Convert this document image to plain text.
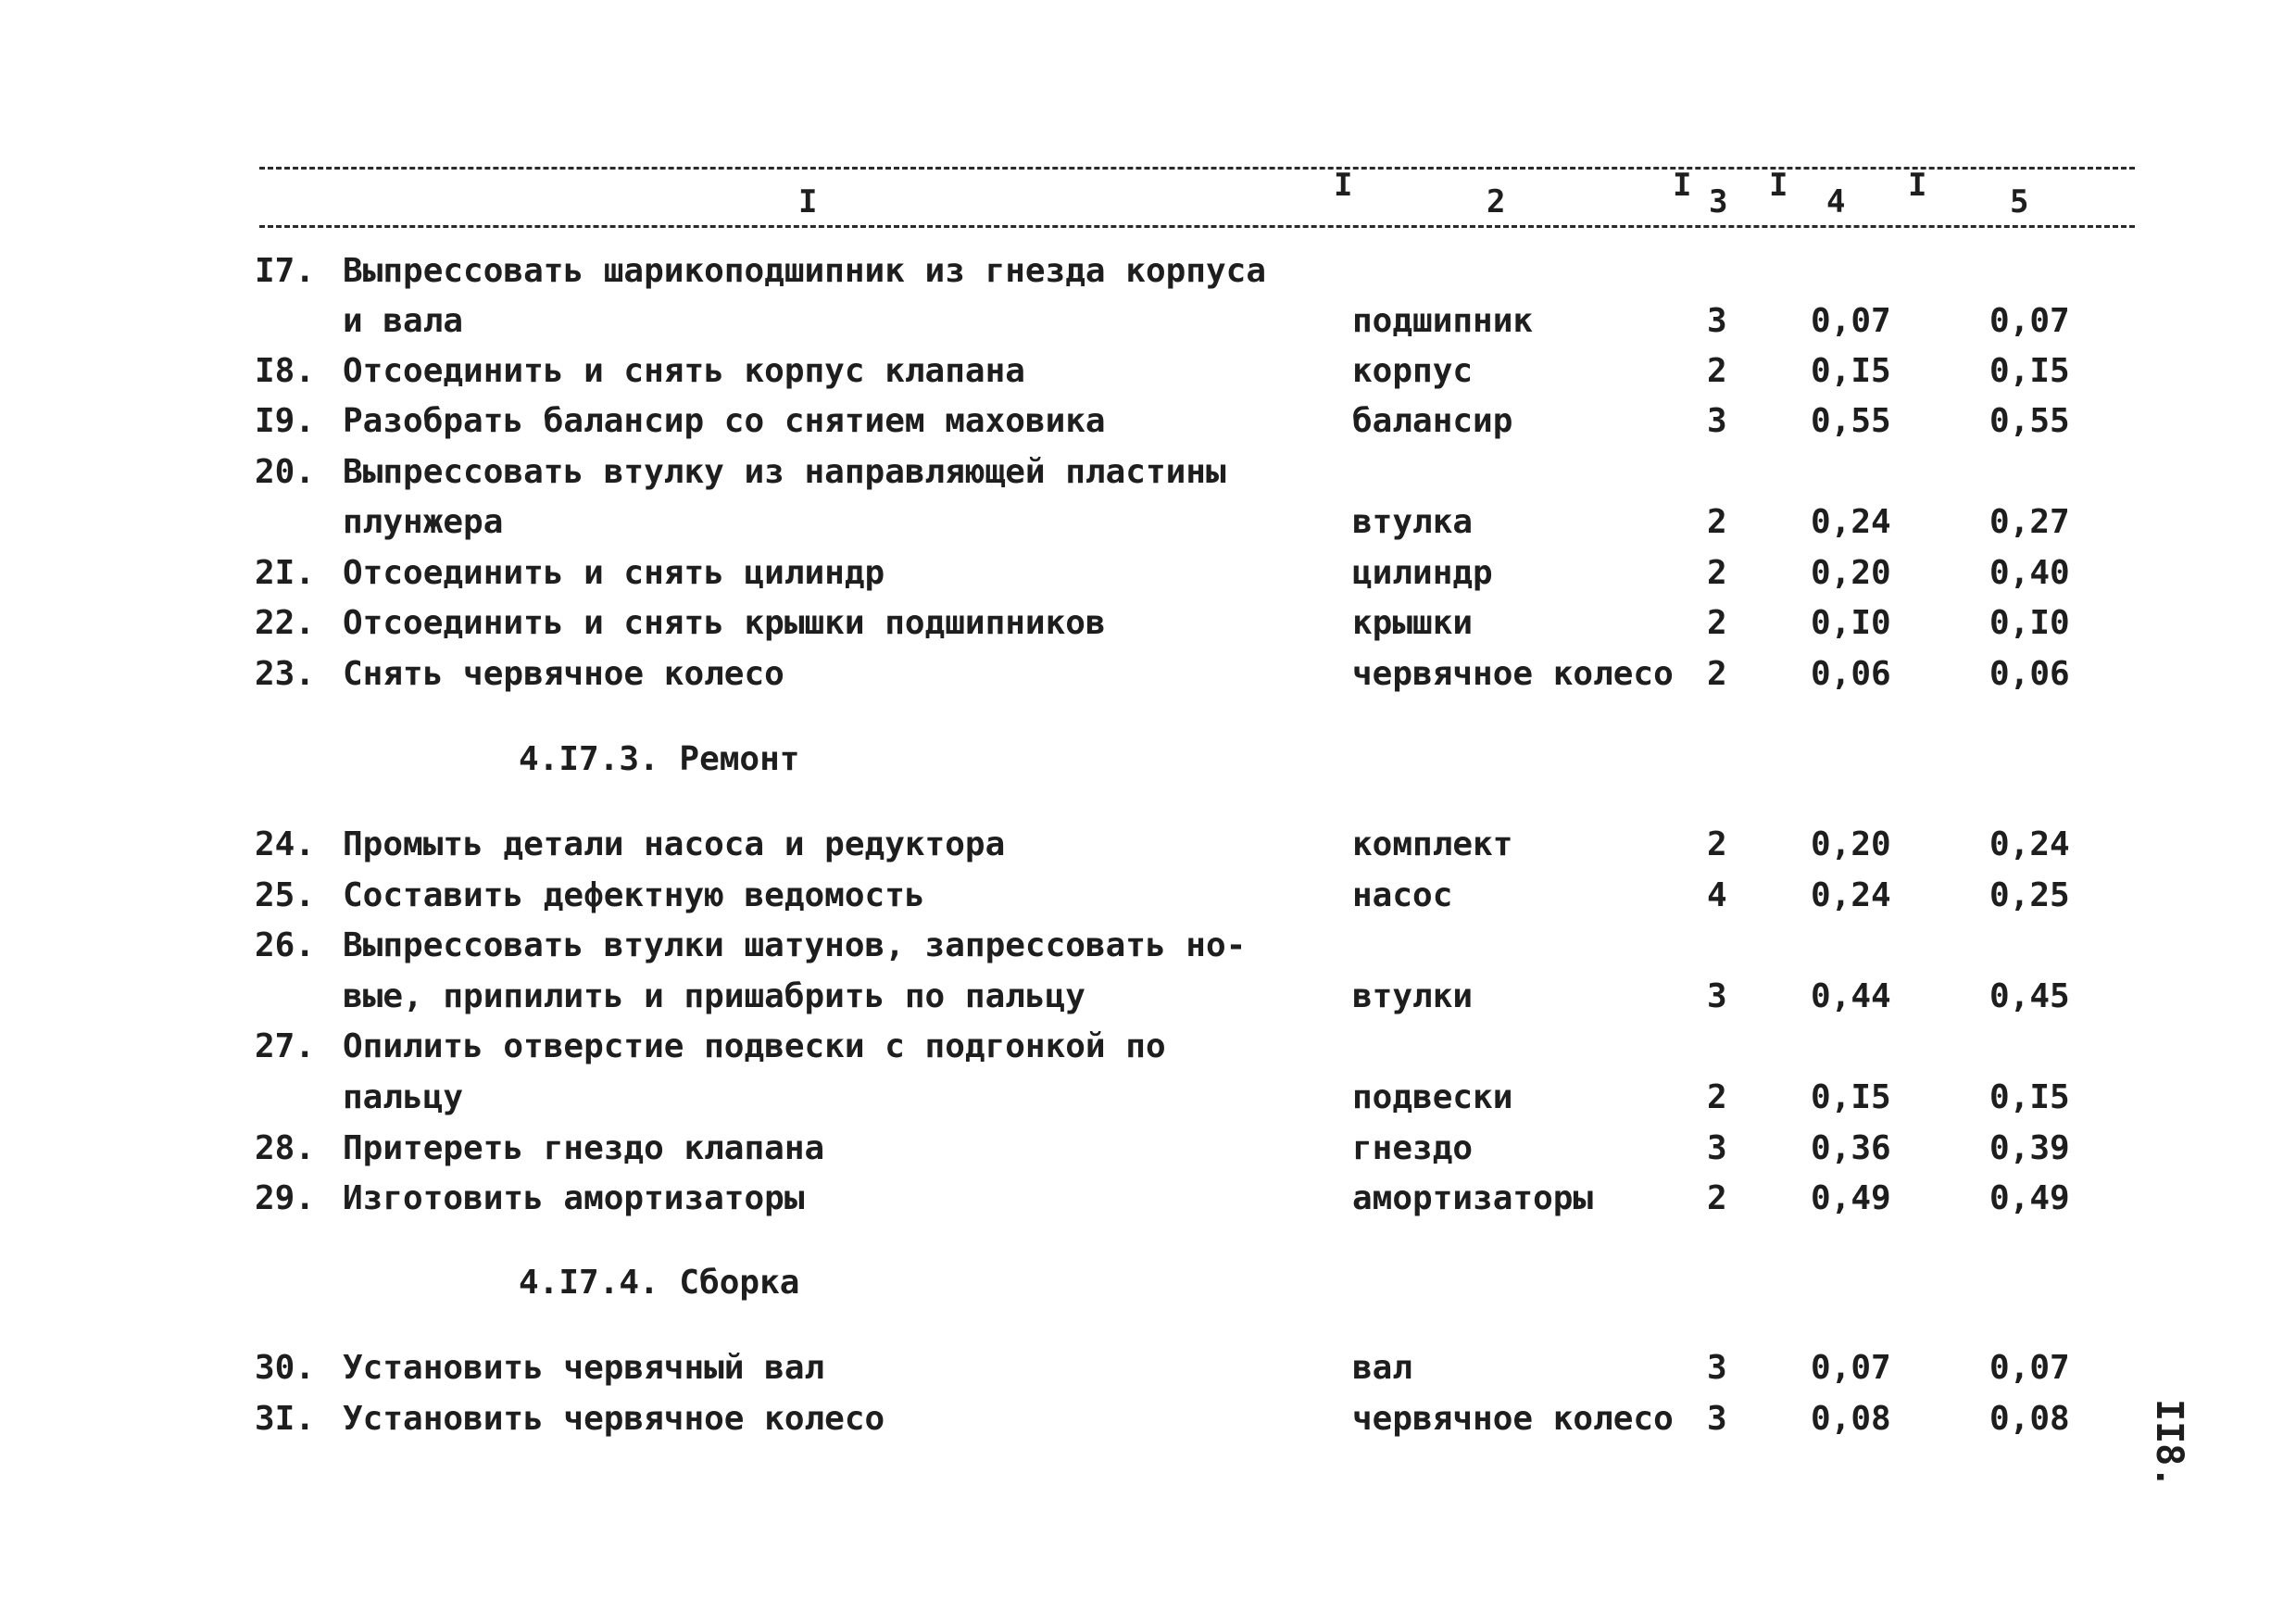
I	I	2	I 3 I 4 I	5
I7. Выпрессовать шарикоподшипник из гнезда корпуса
и вала	подшипник	3	0,07	0,07
I8. Отсоединить и снять корпус клапана	корпус	2	0,I5	0,I5
I9. Разобрать балансир со снятием маховика	балансир	3	0,55	0,55
20. Выпрессовать втулку из направляющей пластины
плунжера	втулка	2	0,24	0,27
2I. Отсоединить и снять цилиндр	цилиндр	2	0,20	0,40
22. Отсоединить и снять крышки подшипников	крышки	2	0,I0	0,I0
23. Снять червячное колесо	червячное колесо 2	0,06	0,06
4.I7.3. Ремонт
24. Промыть детали насоса и редуктора	комплект	2	0,20	0,24
25. Составить дефектную ведомость	насос	4	0,24	0,25
26. Выпрессовать втулки шатунов, запрессовать но-
вые, припилить и пришабрить по пальцу	втулки	3	0,44	0,45
27. Опилить отверстие подвески с подгонкой по
пальцу	подвески	2	0,I5	0,I5
28. Притереть гнездо клапана	гнездо	3	0,36	0,39
29. Изготовить амортизаторы	амортизаторы	2	0,49	0,49
4.I7.4. Сборка
30. Установить червячный вал	вал	3	0,07	0,07
3I. Установить червячное колесо	червячное колесо 3	0,08	0,08 II8.
